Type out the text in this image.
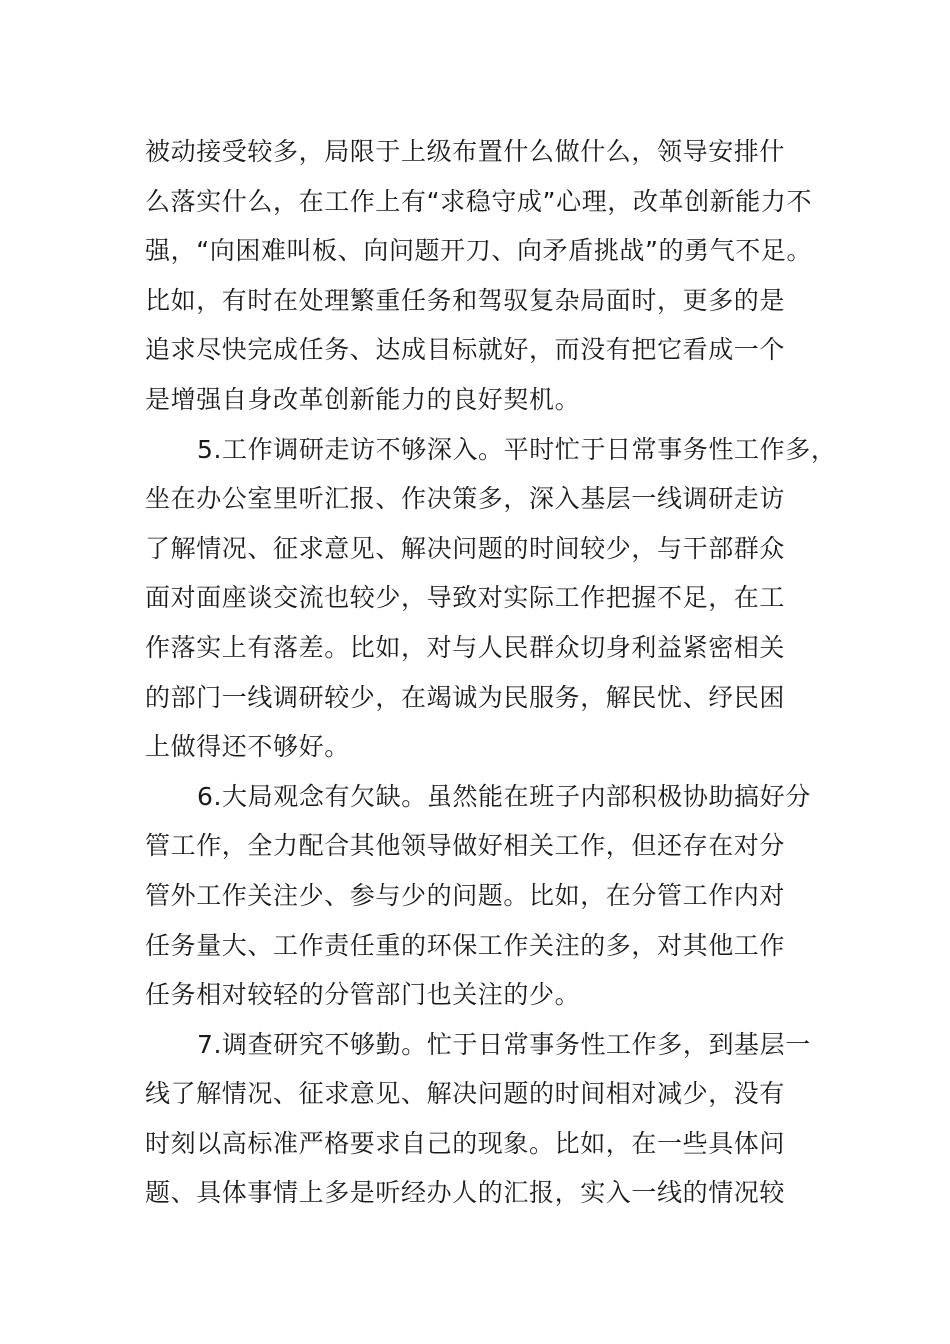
被动接受较多，局限于上级布置什么做什么，领导安排什
么落实什么，在工作上有“求稳守成”心理，改革创新能力不
强，“向困难叫板、向问题开刀、向矛盾挑战”的勇气不足。
比如，有时在处理繁重任务和驾驭复杂局面时，更多的是
追求尽快完成任务、达成目标就好，而没有把它看成一个
是增强自身改革创新能力的良好契机。
5.工作调研走访不够深入。平时忙于日常事务性工作多，
坐在办公室里听汇报、作决策多，深入基层一线调研走访
了解情况、征求意见、解决问题的时间较少，与干部群众
面对面座谈交流也较少，导致对实际工作把握不足，在工
作落实上有落差。比如，对与人民群众切身利益紧密相关
的部门一线调研较少，在竭诚为民服务，解民忧、纾民困
上做得还不够好。
6.大局观念有欠缺。虽然能在班子内部积极协助搞好分
管工作，全力配合其他领导做好相关工作，但还存在对分
管外工作关注少、参与少的问题。比如，在分管工作内对
任务量大、工作责任重的环保工作关注的多，对其他工作
任务相对较轻的分管部门也关注的少。
7.调查研究不够勤。忙于日常事务性工作多，到基层一
线了解情况、征求意见、解决问题的时间相对减少，没有
时刻以高标准严格要求自己的现象。比如，在一些具体问
题、具体事情上多是听经办人的汇报，实入一线的情况较
